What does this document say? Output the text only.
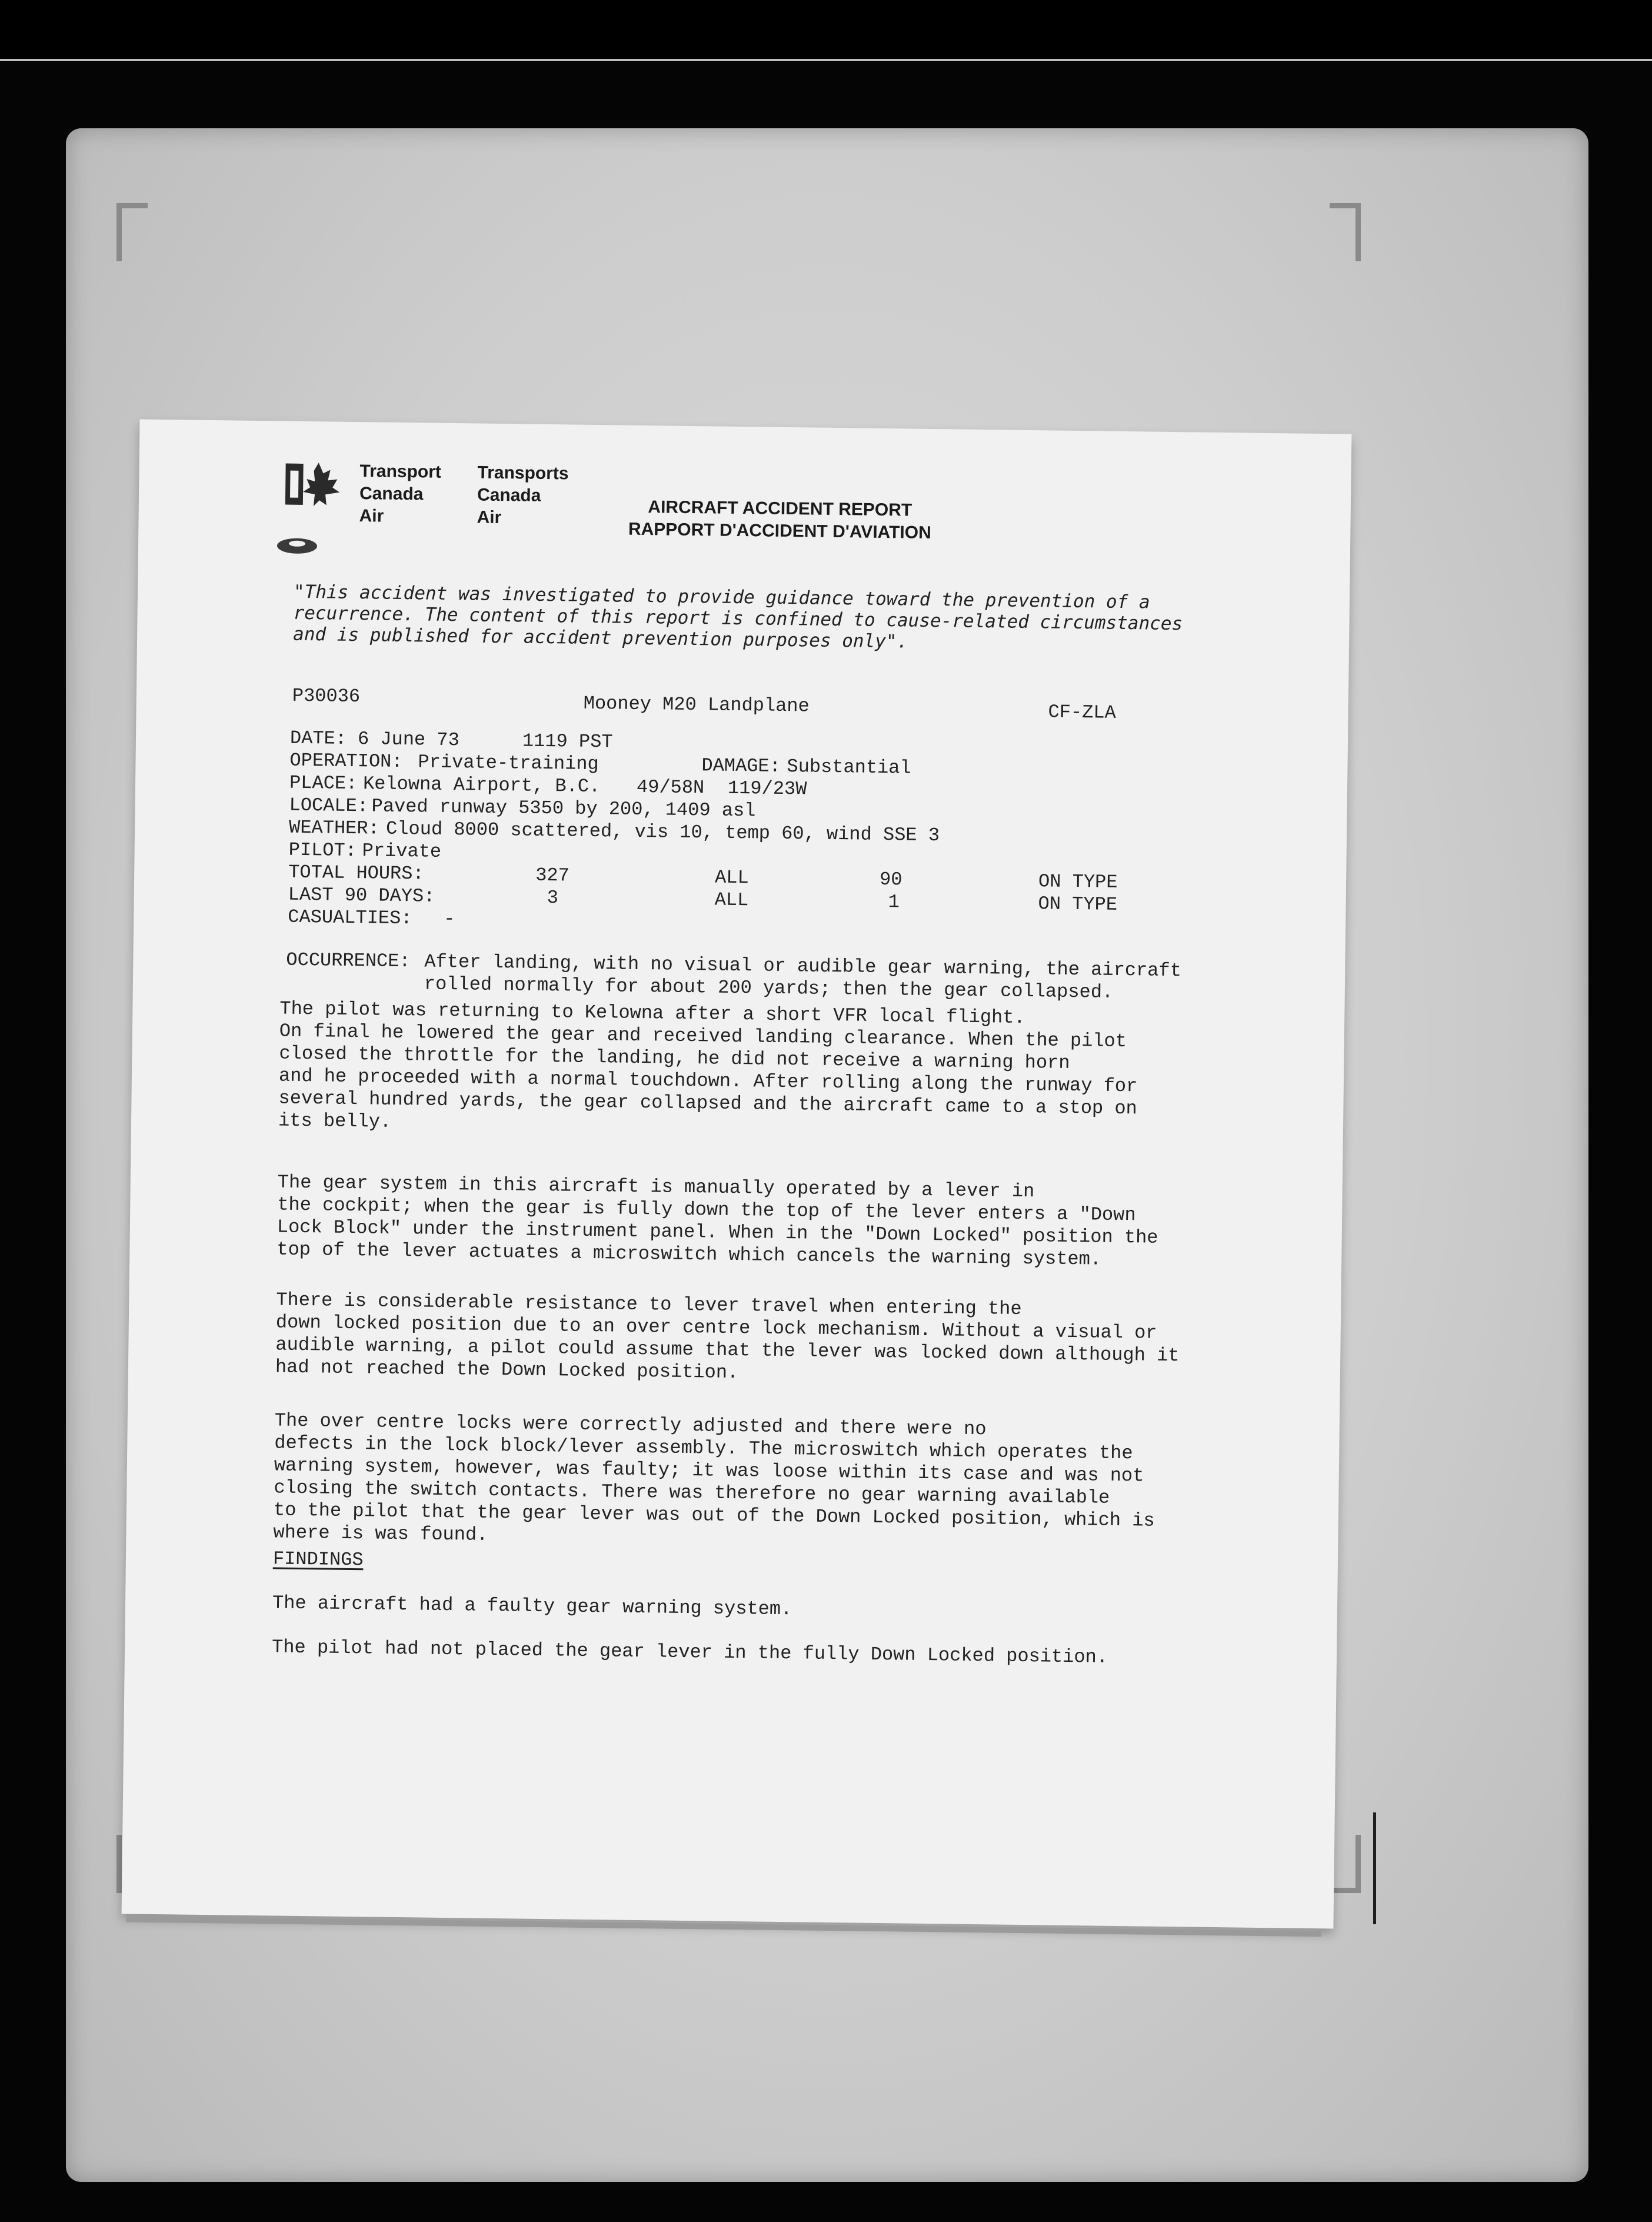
Transport
Canada
Air
Transports
Canada
Air	AIRCRAFT ACCIDENT REPORT
RAPPORT D'ACCIDENT D'AVIATION
"This accident was investigated to provide guidance toward the prevention of a
recurrence. The content of this report is confined to cause-related circumstances
and is published for accident prevention purposes only".
P30036	Mooney M20 Landplane	CF-ZLA
DATE: 6 June 73	1119 PST
OPERATION: Private-training	DAMAGE: Substantial
PLACE: Kelowna Airport, B.C. 49/58N 119/23W
LOCALE: Paved runway 5350 by 200, 1409 asl
WEATHER: Cloud 8000 scattered, vis 10, temp 60, wind SSE 3
PILOT: Private
TOTAL HOURS:	327	ALL	90	ON TYPE
LAST 90 DAYS:	3	ALL	1	ON TYPE
CASUALTIES: -
OCCURRENCE: After landing, with no visual or audible gear warning, the aircraft
rolled normally for about 200 yards; then the gear collapsed.
The pilot was returning to Kelowna after a short VFR local flight.
On final he lowered the gear and received landing clearance. When the pilot
closed the throttle for the landing, he did not receive a warning horn
and he proceeded with a normal touchdown. After rolling along the runway for
several hundred yards, the gear collapsed and the aircraft came to a stop on
its belly.
The gear system in this aircraft is manually operated by a lever in
the cockpit; when the gear is fully down the top of the lever enters a "Down
Lock Block" under the instrument panel. When in the "Down Locked" position the
top of the lever actuates a microswitch which cancels the warning system.
There is considerable resistance to lever travel when entering the
down locked position due to an over centre lock mechanism. Without a visual or
audible warning, a pilot could assume that the lever was locked down although it
had not reached the Down Locked position.
The over centre locks were correctly adjusted and there were no
defects in the lock block/lever assembly. The microswitch which operates the
warning system, however, was faulty; it was loose within its case and was not
closing the switch contacts. There was therefore no gear warning available
to the pilot that the gear lever was out of the Down Locked position, which is
where is was found.
FINDINGS
The aircraft had a faulty gear warning system.
The pilot had not placed the gear lever in the fully Down Locked position.
